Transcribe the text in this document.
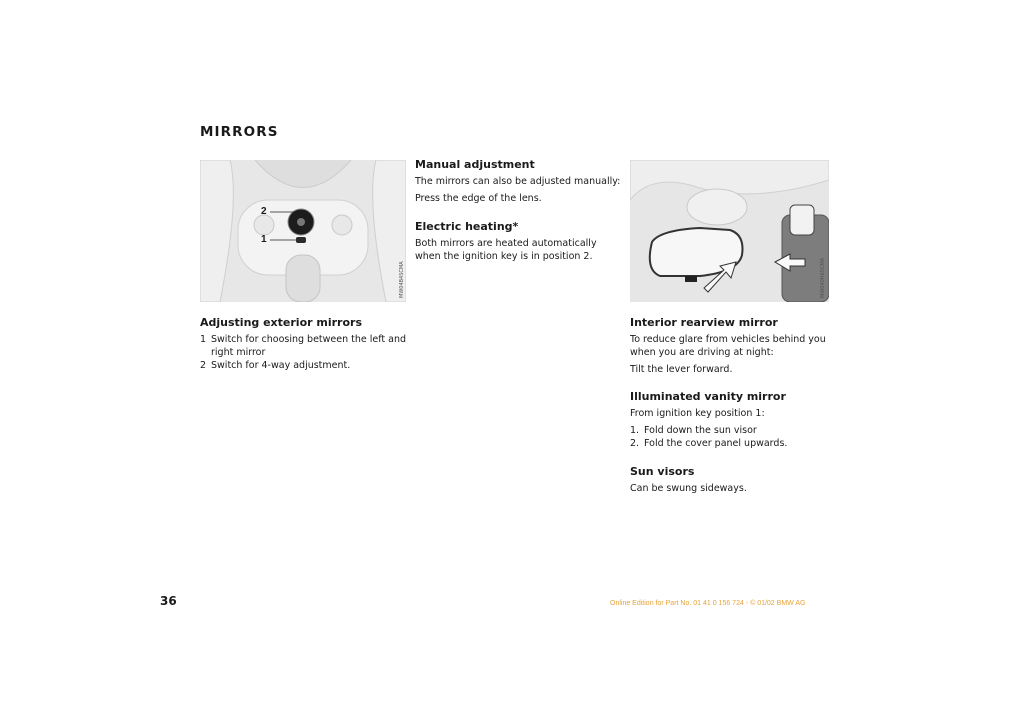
MIRRORS
2
1
MW04B4SCMA	MW040H65CMA
Manual adjustment
The mirrors can also be adjusted manually:
Press the edge of the lens.
Electric heating*
Both mirrors are heated automatically when the ignition key is in position 2.
Adjusting exterior mirrors
1 Switch for choosing between the left and right mirror
2 Switch for 4-way adjustment.
Interior rearview mirror
To reduce glare from vehicles behind you when you are driving at night:
Tilt the lever forward.
Illuminated vanity mirror
From ignition key position 1:
1. Fold down the sun visor
2. Fold the cover panel upwards.
Sun visors
Can be swung sideways.
36	Online Edition for Part No. 01 41 0 156 724 - © 01/02 BMW AG
